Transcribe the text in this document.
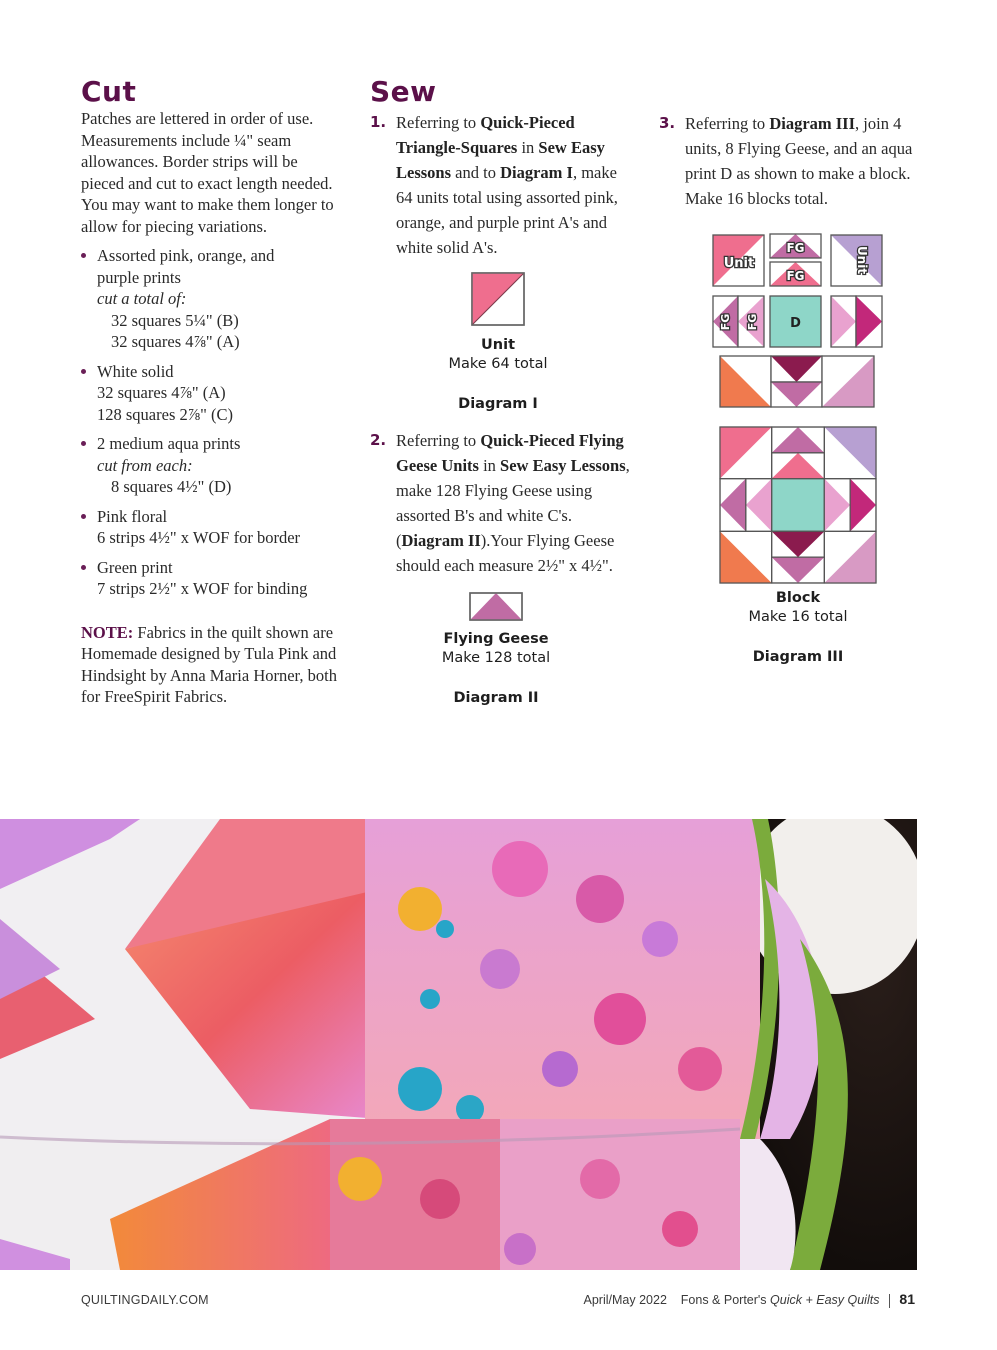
Cut

Patches are lettered in order of use. Measurements include ¼" seam allowances. Border strips will be pieced and cut to exact length needed. You may want to make them longer to allow for piecing variations.

Assorted pink, orange, and
purple prints
cut a total of:
32 squares 5¼" (B)
32 squares 4⅞" (A)
White solid
32 squares 4⅞" (A)
128 squares 2⅞" (C)
2 medium aqua prints
cut from each:
8 squares 4½" (D)
Pink floral
6 strips 4½" x WOF for border
Green print
7 strips 2½" x WOF for binding

NOTE: Fabrics in the quilt shown are Homemade designed by Tula Pink and Hindsight by Anna Maria Horner, both for FreeSpirit Fabrics.

Sew
1. Referring to Quick-Pieced Triangle-Squares in Sew Easy Lessons and to Diagram I, make 64 units total using assorted pink, orange, and purple print A's and white solid A's.
Unit
Make 64 total
Diagram I
2. Referring to Quick-Pieced Flying Geese Units in Sew Easy Lessons, make 128 Flying Geese using assorted B's and white C's. (Diagram II).Your Flying Geese should each measure 2½" x 4½".
Flying Geese
Make 128 total
Diagram II
3. Referring to Diagram III, join 4 units, 8 Flying Geese, and an aqua print D as shown to make a block. Make 16 blocks total.
Unit
FG
FG
Unit
FG FG D
Block
Make 16 total
Diagram III
QUILTINGDAILY.COM	April/May 2022 Fons & Porter's Quick + Easy Quilts 81
